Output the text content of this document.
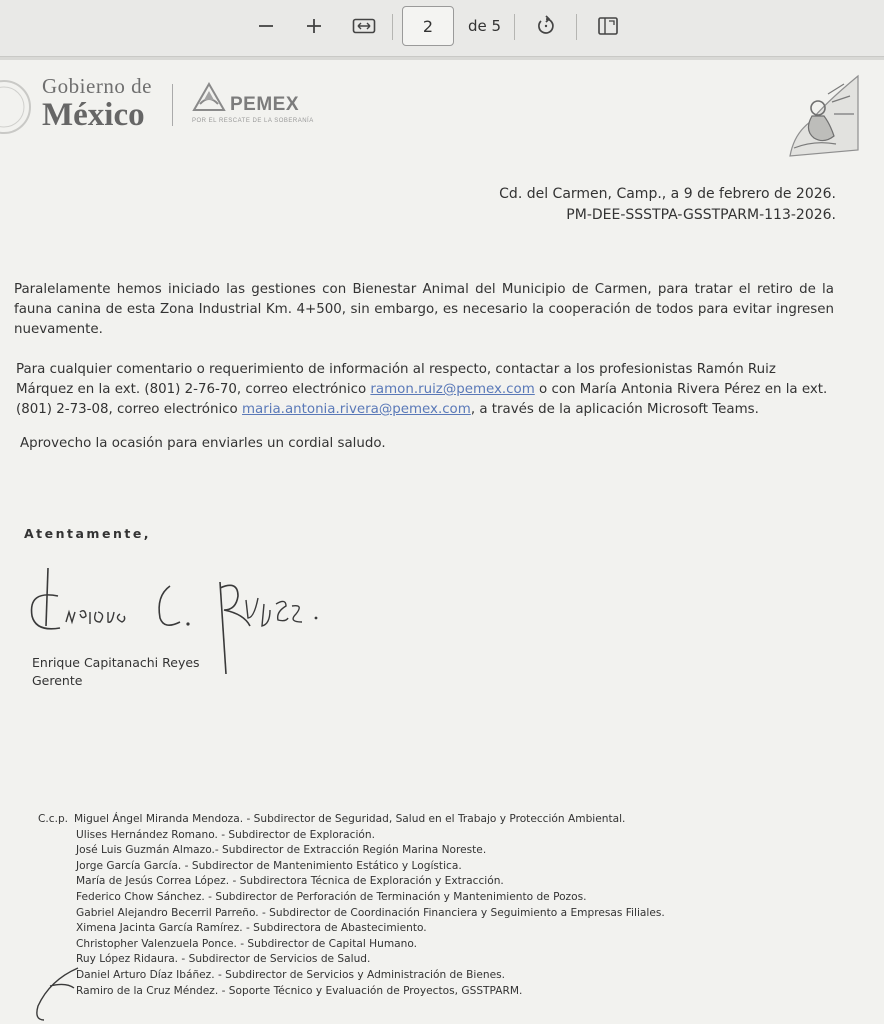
2
de 5
Gobierno de
México	PEMEX
POR EL RESCATE DE LA SOBERANÍA
Cd. del Carmen, Camp., a 9 de febrero de 2026.
PM-DEE-SSSTPA-GSSTPARM-113-2026.
Paralelamente hemos iniciado las gestiones con Bienestar Animal del Municipio de Carmen, para tratar el retiro de la fauna canina de esta Zona Industrial Km. 4+500, sin embargo, es necesario la cooperación de todos para evitar ingresen nuevamente.
Para cualquier comentario o requerimiento de información al respecto, contactar a los profesionistas Ramón Ruiz Márquez en la ext. (801) 2-76-70, correo electrónico ramon.ruiz@pemex.com o con María Antonia Rivera Pérez en la ext. (801) 2-73-08, correo electrónico maria.antonia.rivera@pemex.com, a través de la aplicación Microsoft Teams.
Aprovecho la ocasión para enviarles un cordial saludo.
Atentamente,
Enrique Capitanachi Reyes
Gerente
C.c.p. Miguel Ángel Miranda Mendoza. - Subdirector de Seguridad, Salud en el Trabajo y Protección Ambiental.
Ulises Hernández Romano. - Subdirector de Exploración.
José Luis Guzmán Almazo.- Subdirector de Extracción Región Marina Noreste.
Jorge García García. - Subdirector de Mantenimiento Estático y Logística.
María de Jesús Correa López. - Subdirectora Técnica de Exploración y Extracción.
Federico Chow Sánchez. - Subdirector de Perforación de Terminación y Mantenimiento de Pozos.
Gabriel Alejandro Becerril Parreño. - Subdirector de Coordinación Financiera y Seguimiento a Empresas Filiales.
Ximena Jacinta García Ramírez. - Subdirectora de Abastecimiento.
Christopher Valenzuela Ponce. - Subdirector de Capital Humano.
Ruy López Ridaura. - Subdirector de Servicios de Salud.
Daniel Arturo Díaz Ibáñez. - Subdirector de Servicios y Administración de Bienes.
Ramiro de la Cruz Méndez. - Soporte Técnico y Evaluación de Proyectos, GSSTPARM.
